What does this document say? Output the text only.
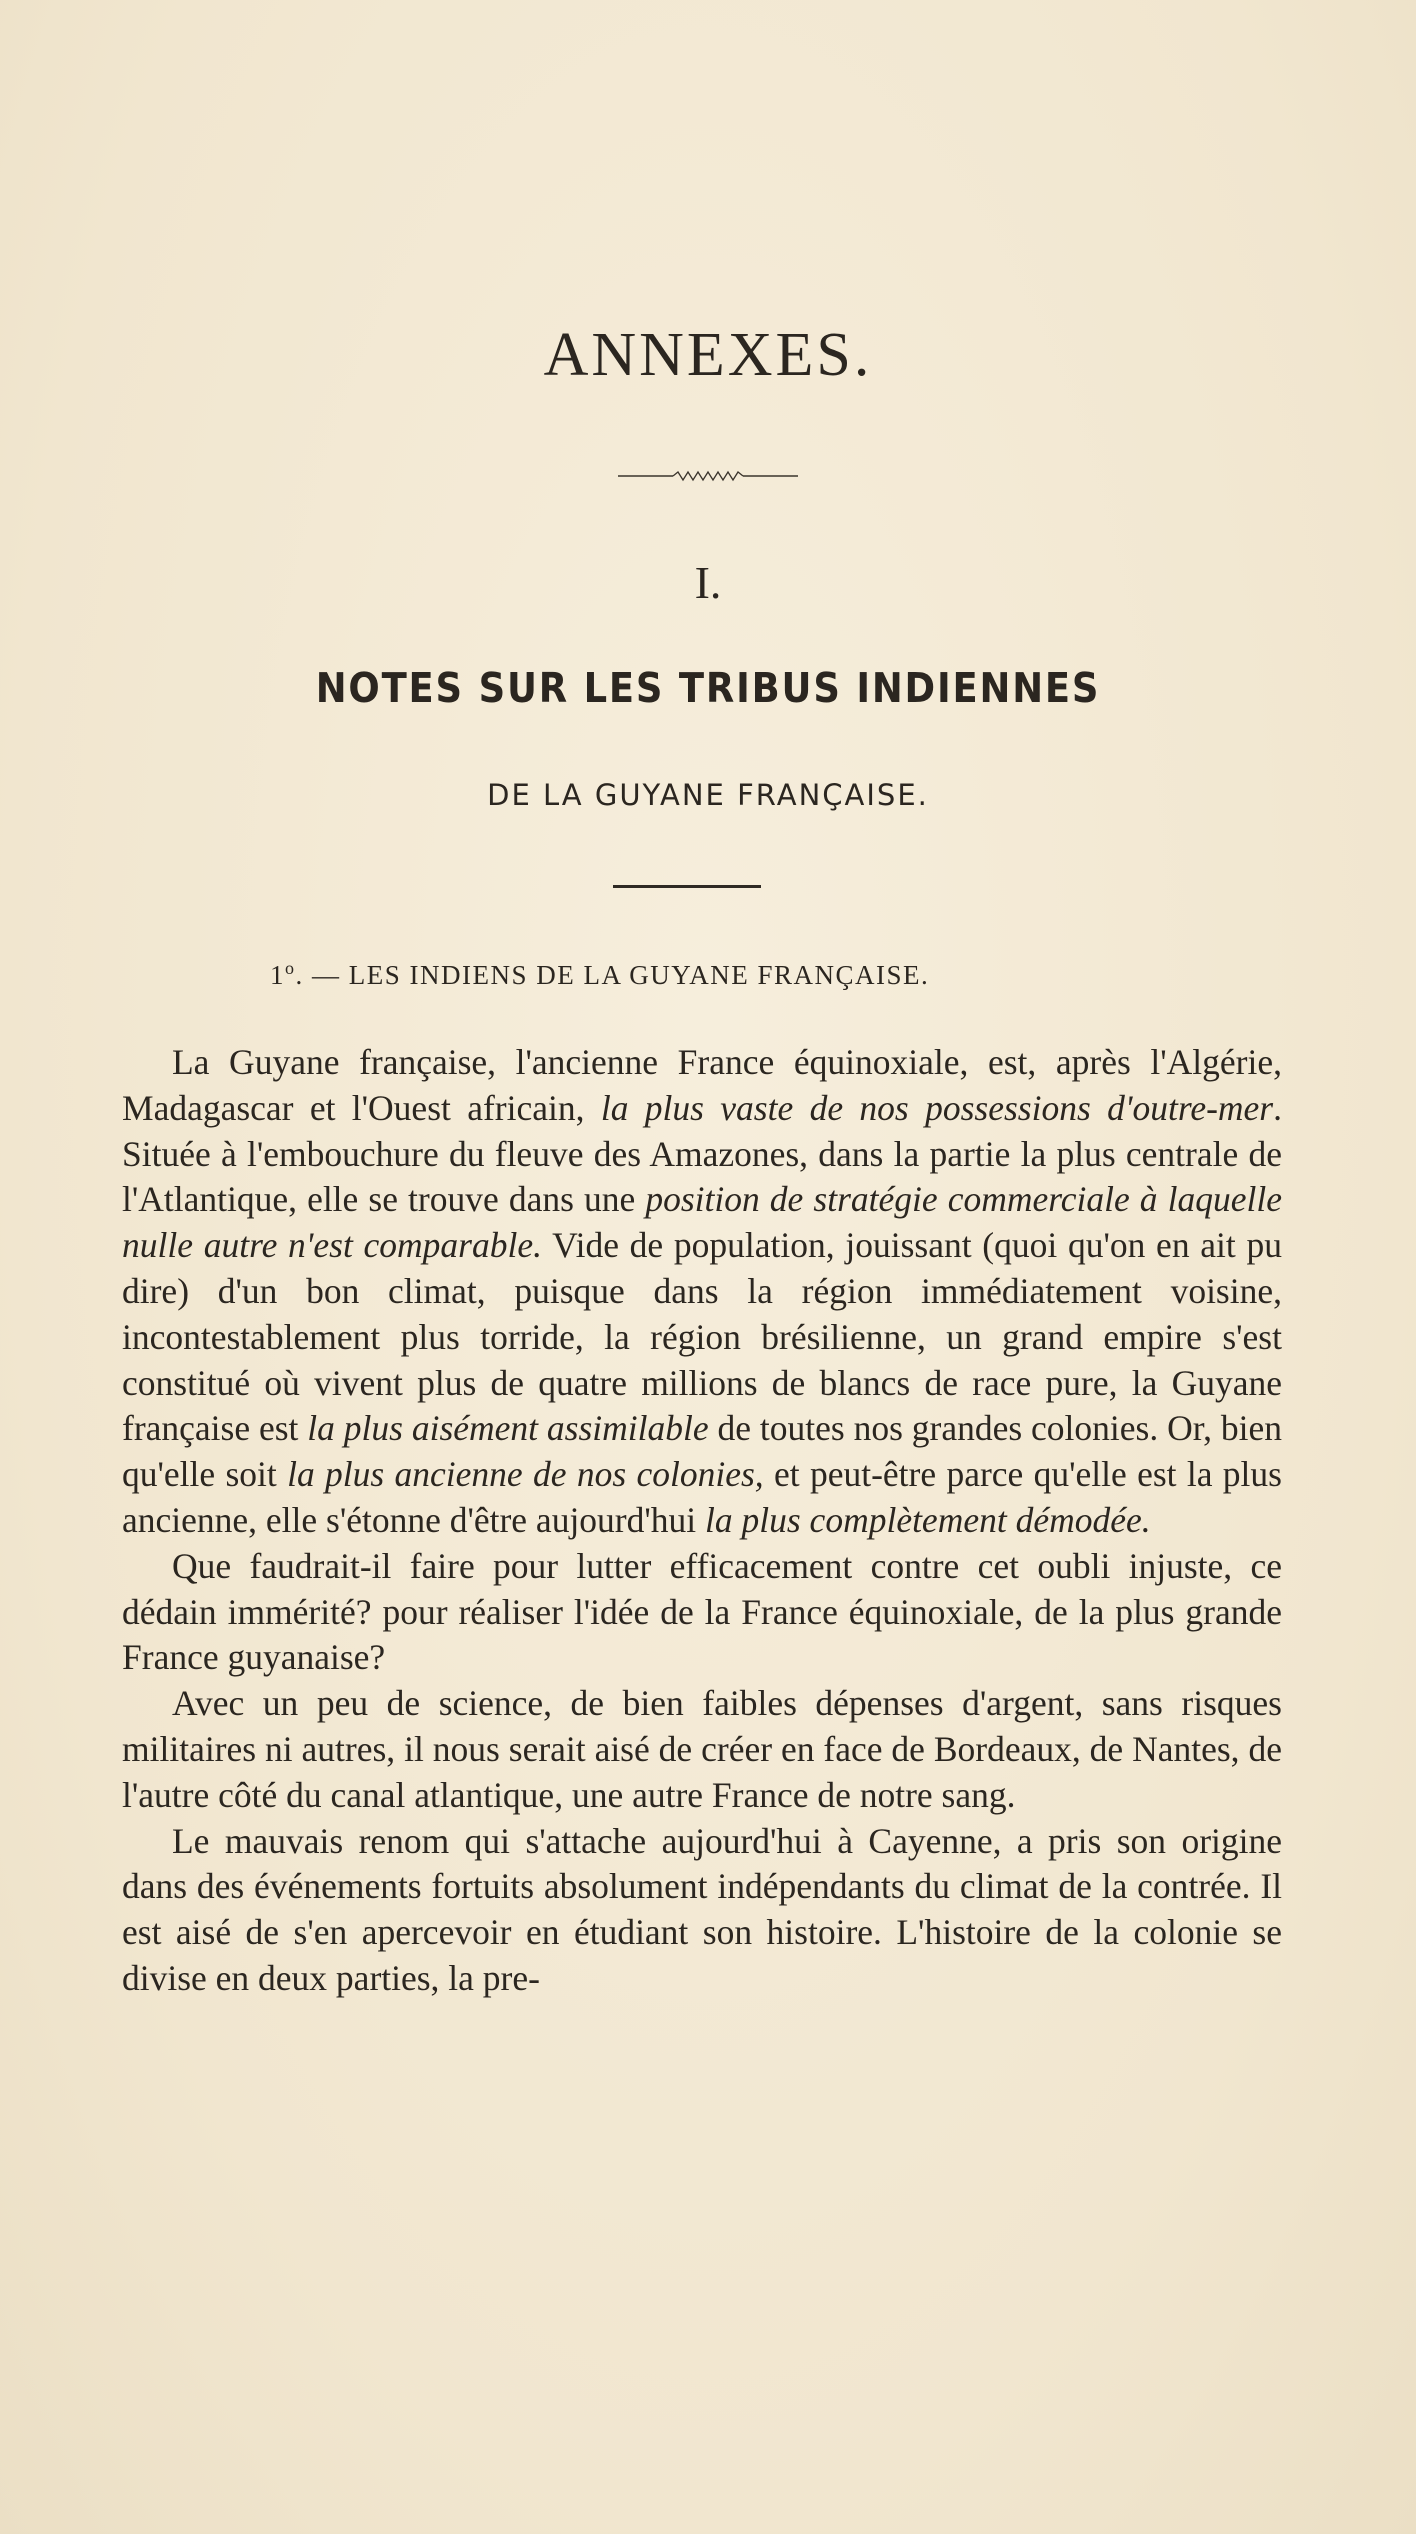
ANNEXES.
I.
NOTES SUR LES TRIBUS INDIENNES
DE LA GUYANE FRANÇAISE.
1$^o$. — LES INDIENS DE LA GUYANE FRANÇAISE.

La Guyane française, l'ancienne France équinoxiale, est, après l'Algérie, Madagascar et l'Ouest africain, la plus vaste de nos possessions d'outre-mer. Située à l'embouchure du fleuve des Amazones, dans la partie la plus centrale de l'Atlantique, elle se trouve dans une position de stratégie commerciale à laquelle nulle autre n'est comparable. Vide de population, jouissant (quoi qu'on en ait pu dire) d'un bon climat, puisque dans la région immédiatement voisine, incontestablement plus torride, la région brésilienne, un grand empire s'est constitué où vivent plus de quatre millions de blancs de race pure, la Guyane française est la plus aisément assimilable de toutes nos grandes colonies. Or, bien qu'elle soit la plus ancienne de nos colonies, et peut-être parce qu'elle est la plus ancienne, elle s'étonne d'être aujourd'hui la plus complètement démodée.

Que faudrait-il faire pour lutter efficacement contre cet oubli injuste, ce dédain immérité? pour réaliser l'idée de la France équinoxiale, de la plus grande France guyanaise?

Avec un peu de science, de bien faibles dépenses d'argent, sans risques militaires ni autres, il nous serait aisé de créer en face de Bordeaux, de Nantes, de l'autre côté du canal atlantique, une autre France de notre sang.

Le mauvais renom qui s'attache aujourd'hui à Cayenne, a pris son origine dans des événements fortuits absolument indépendants du climat de la contrée. Il est aisé de s'en apercevoir en étudiant son histoire. L'histoire de la colonie se divise en deux parties, la pre-
